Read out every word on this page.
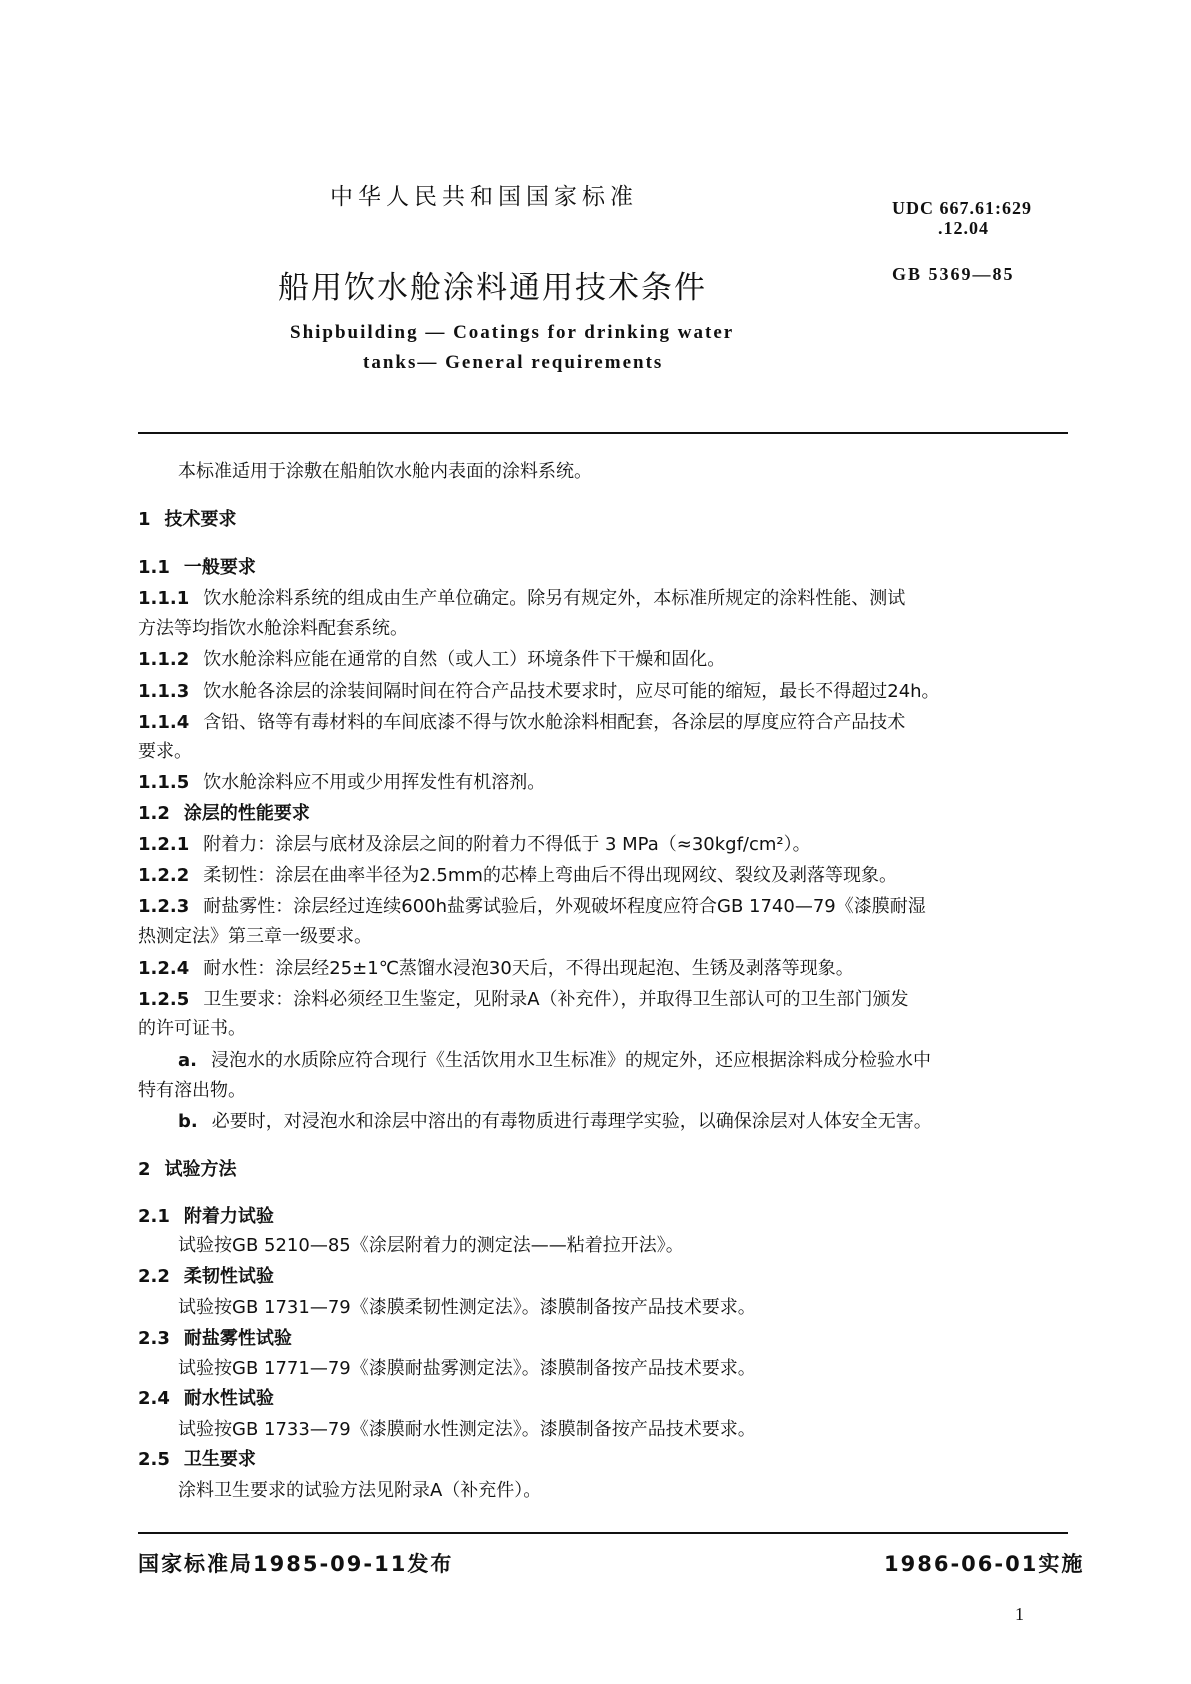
中华人民共和国国家标准
船用饮水舱涂料通用技术条件
Shipbuilding — Coatings for drinking water
tanks— General requirements
UDC 667.61:629
.12.04
GB 5369—85
本标准适用于涂敷在船舶饮水舱内表面的涂料系统。
1 技术要求
1.1 一般要求
1.1.1 饮水舱涂料系统的组成由生产单位确定。除另有规定外，本标准所规定的涂料性能、测试
方法等均指饮水舱涂料配套系统。
1.1.2 饮水舱涂料应能在通常的自然（或人工）环境条件下干燥和固化。
1.1.3 饮水舱各涂层的涂装间隔时间在符合产品技术要求时，应尽可能的缩短，最长不得超过24h。
1.1.4 含铅、铬等有毒材料的车间底漆不得与饮水舱涂料相配套，各涂层的厚度应符合产品技术
要求。
1.1.5 饮水舱涂料应不用或少用挥发性有机溶剂。
1.2 涂层的性能要求
1.2.1 附着力：涂层与底材及涂层之间的附着力不得低于 3 MPa（≈30kgf/cm²）。
1.2.2 柔韧性：涂层在曲率半径为2.5mm的芯棒上弯曲后不得出现网纹、裂纹及剥落等现象。
1.2.3 耐盐雾性：涂层经过连续600h盐雾试验后，外观破坏程度应符合GB 1740—79《漆膜耐湿
热测定法》第三章一级要求。
1.2.4 耐水性：涂层经25±1℃蒸馏水浸泡30天后，不得出现起泡、生锈及剥落等现象。
1.2.5 卫生要求：涂料必须经卫生鉴定，见附录A（补充件），并取得卫生部认可的卫生部门颁发
的许可证书。
a. 浸泡水的水质除应符合现行《生活饮用水卫生标准》的规定外，还应根据涂料成分检验水中
特有溶出物。
b. 必要时，对浸泡水和涂层中溶出的有毒物质进行毒理学实验，以确保涂层对人体安全无害。
2 试验方法
2.1 附着力试验
试验按GB 5210—85《涂层附着力的测定法——粘着拉开法》。
2.2 柔韧性试验
试验按GB 1731—79《漆膜柔韧性测定法》。漆膜制备按产品技术要求。
2.3 耐盐雾性试验
试验按GB 1771—79《漆膜耐盐雾测定法》。漆膜制备按产品技术要求。
2.4 耐水性试验
试验按GB 1733—79《漆膜耐水性测定法》。漆膜制备按产品技术要求。
2.5 卫生要求
涂料卫生要求的试验方法见附录A（补充件）。
国家标准局1985-09-11发布	1986-06-01实施
1
